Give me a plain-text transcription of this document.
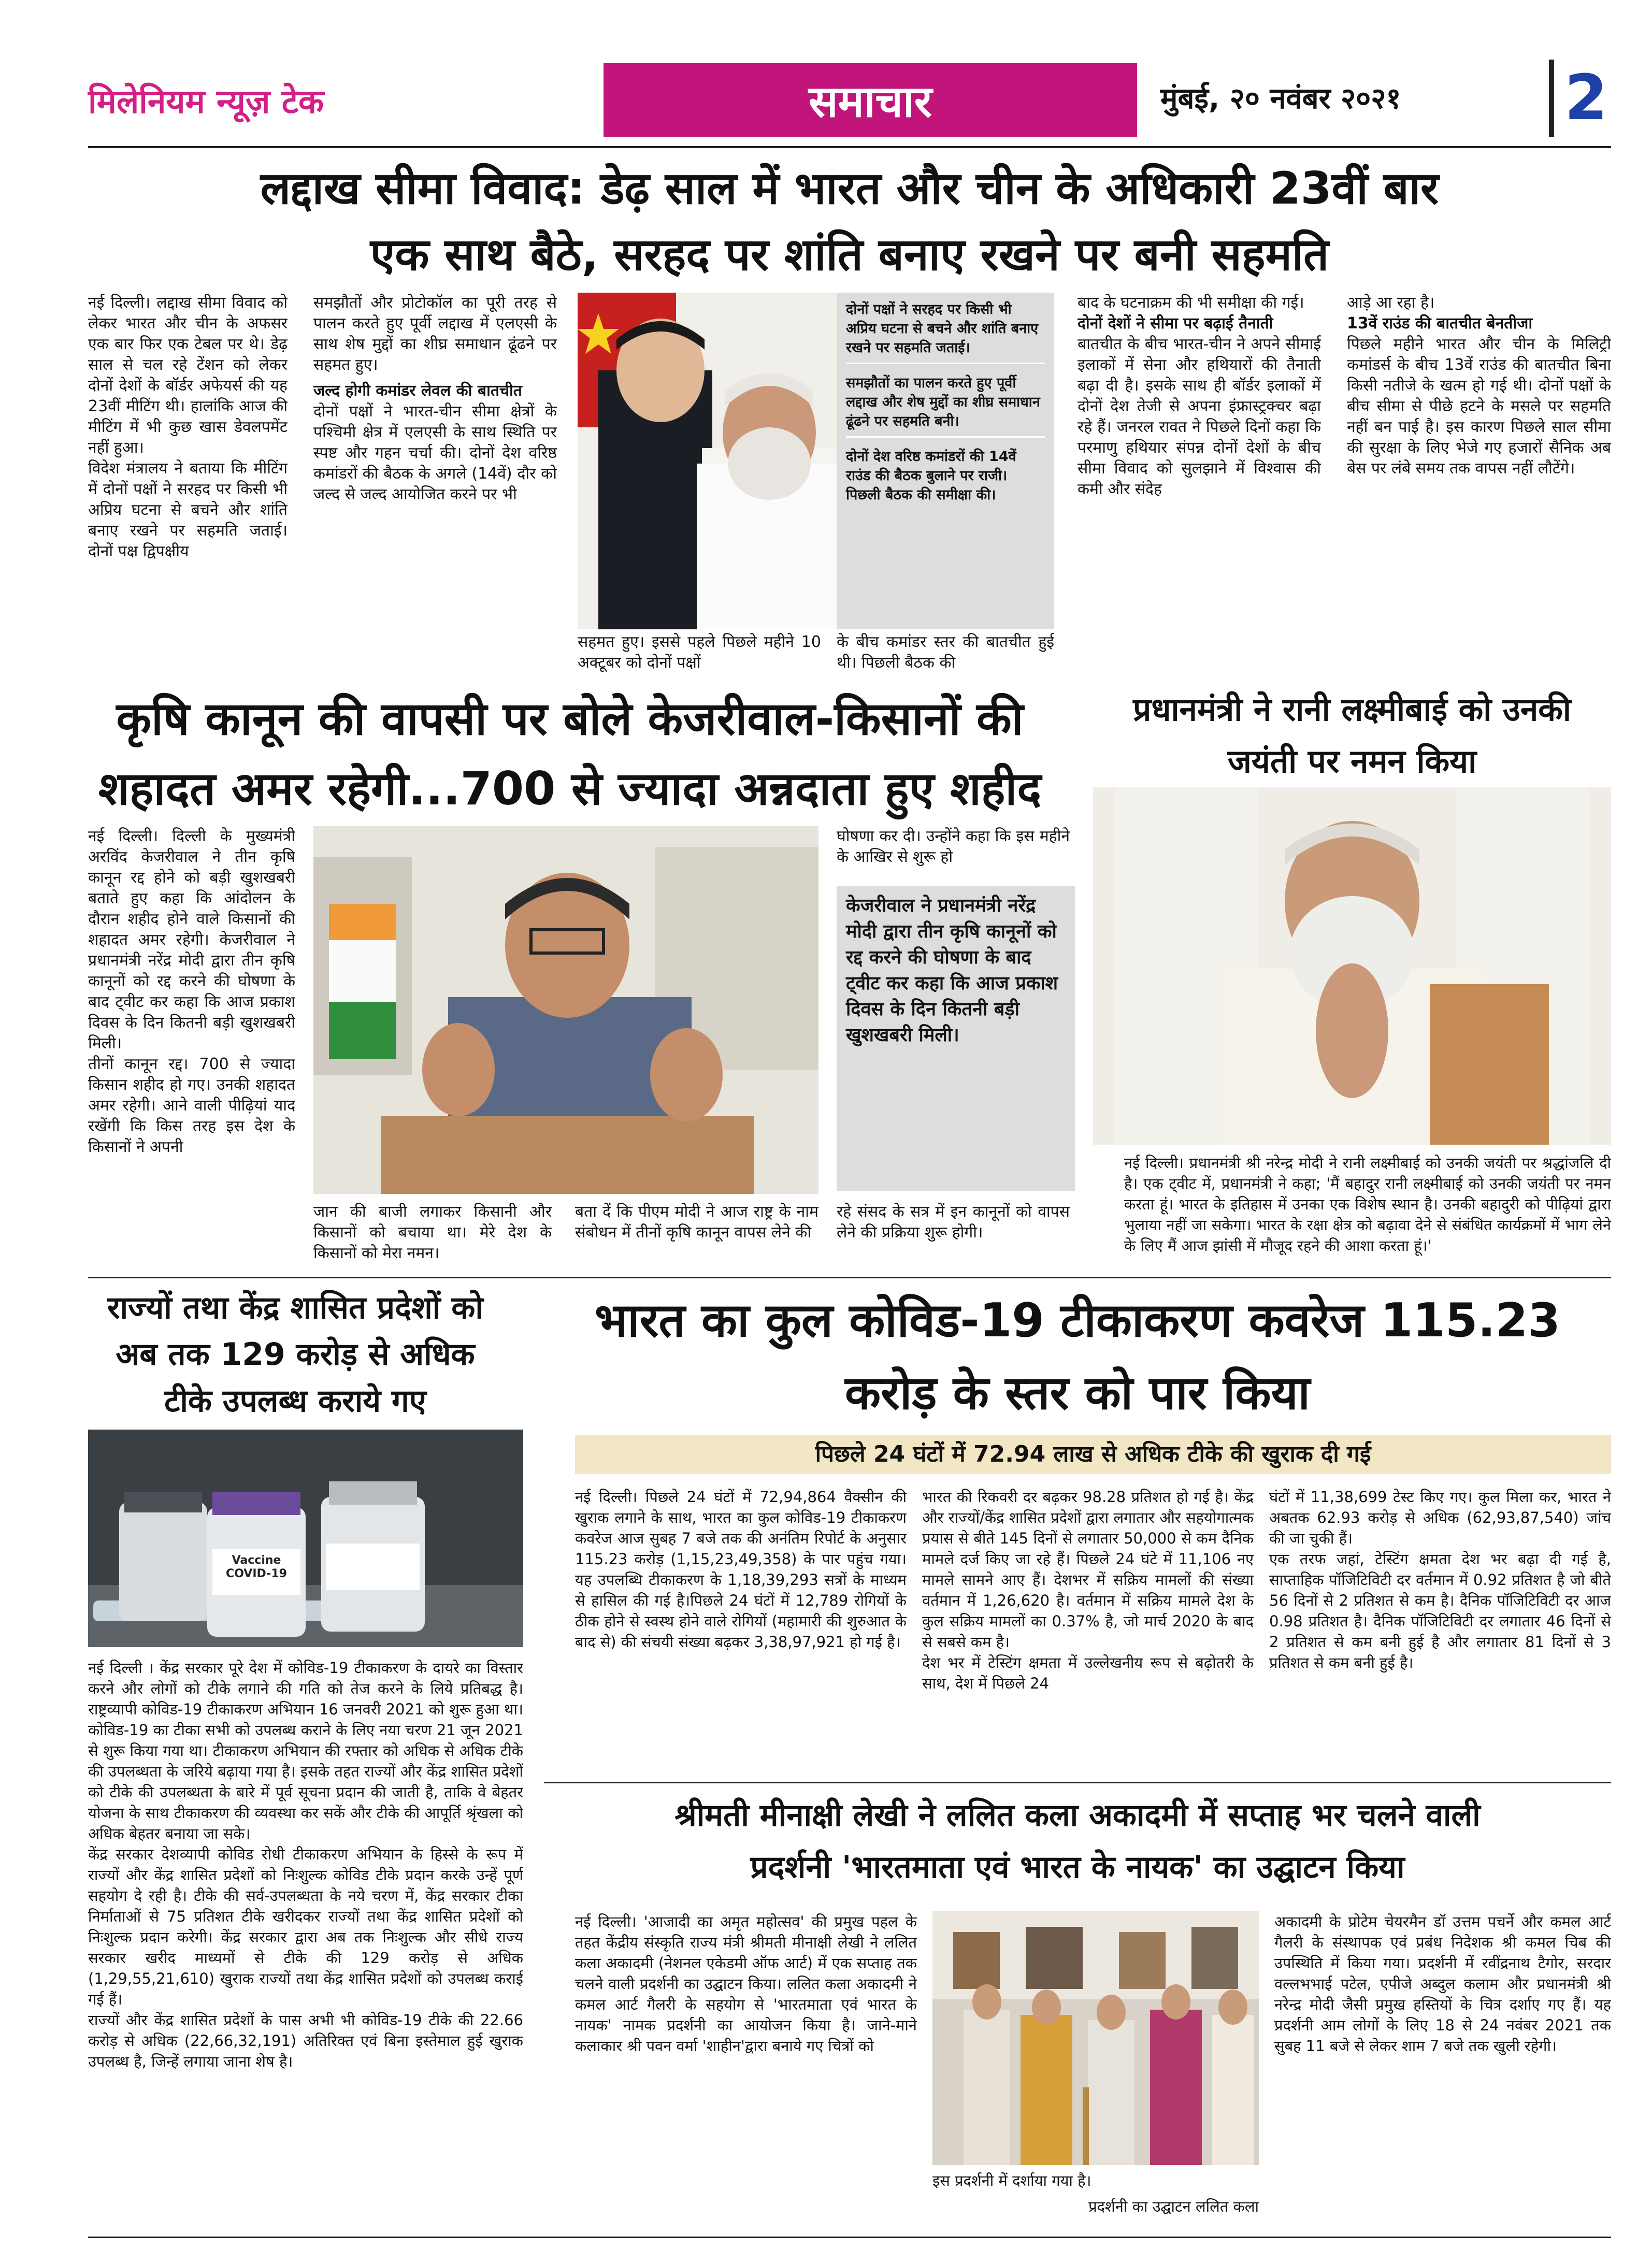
मिलेनियम न्यूज़ टेक	समाचार	मुंबई, २० नवंबर २०२१	2
लद्दाख सीमा विवाद: डेढ़ साल में भारत और चीन के अधिकारी 23वीं बार
एक साथ बैठे, सरहद पर शांति बनाए रखने पर बनी सहमति
नई दिल्ली। लद्दाख सीमा विवाद को लेकर भारत और चीन के अफसर एक बार फिर एक टेबल पर थे। डेढ़ साल से चल रहे टेंशन को लेकर दोनों देशों के बॉर्डर अफेयर्स की यह 23वीं मीटिंग थी। हालांकि आज की मीटिंग में भी कुछ खास डेवलपमेंट नहीं हुआ।
विदेश मंत्रालय ने बताया कि मीटिंग में दोनों पक्षों ने सरहद पर किसी भी अप्रिय घटना से बचने और शांति बनाए रखने पर सहमति जताई। दोनों पक्ष द्विपक्षीय

समझौतों और प्रोटोकॉल का पूरी तरह से पालन करते हुए पूर्वी लद्दाख में एलएसी के साथ शेष मुद्दों का शीघ्र समाधान ढूंढने पर सहमत हुए।

जल्द होगी कमांडर लेवल की बातचीत

दोनों पक्षों ने भारत-चीन सीमा क्षेत्रों के पश्चिमी क्षेत्र में एलएसी के साथ स्थिति पर स्पष्ट और गहन चर्चा की। दोनों देश वरिष्ठ कमांडरों की बैठक के अगले (14वें) दौर को जल्द से जल्द आयोजित करने पर भी

दोनों पक्षों ने सरहद पर किसी भी अप्रिय घटना से बचने और शांति बनाए रखने पर सहमति जताई।

समझौतों का पालन करते हुए पूर्वी लद्दाख और शेष मुद्दों का शीघ्र समाधान ढूंढने पर सहमति बनी।

दोनों देश वरिष्ठ कमांडरों की 14वें राउंड की बैठक बुलाने पर राजी। पिछली बैठक की समीक्षा की।

सहमत हुए। इससे पहले पिछले महीने 10 अक्टूबर को दोनों पक्षों
के बीच कमांडर स्तर की बातचीत हुई थी। पिछली बैठक की

बाद के घटनाक्रम की भी समीक्षा की गई।

दोनों देशों ने सीमा पर बढ़ाई तैनाती

बातचीत के बीच भारत-चीन ने अपने सीमाई इलाकों में सेना और हथियारों की तैनाती बढ़ा दी है। इसके साथ ही बॉर्डर इलाकों में दोनों देश तेजी से अपना इंफ्रास्ट्रक्चर बढ़ा रहे हैं। जनरल रावत ने पिछले दिनों कहा कि परमाणु हथियार संपन्न दोनों देशों के बीच सीमा विवाद को सुलझाने में विश्वास की कमी और संदेह

आड़े आ रहा है।

13वें राउंड की बातचीत बेनतीजा

पिछले महीने भारत और चीन के मिलिट्री कमांडर्स के बीच 13वें राउंड की बातचीत बिना किसी नतीजे के खत्म हो गई थी। दोनों पक्षों के बीच सीमा से पीछे हटने के मसले पर सहमति नहीं बन पाई है। इस कारण पिछले साल सीमा की सुरक्षा के लिए भेजे गए हजारों सैनिक अब बेस पर लंबे समय तक वापस नहीं लौटेंगे।

कृषि कानून की वापसी पर बोले केजरीवाल-किसानों की
शहादत अमर रहेगी...700 से ज्यादा अन्नदाता हुए शहीद
नई दिल्ली। दिल्ली के मुख्यमंत्री अरविंद केजरीवाल ने तीन कृषि कानून रद्द होने को बड़ी खुशखबरी बताते हुए कहा कि आंदोलन के दौरान शहीद होने वाले किसानों की शहादत अमर रहेगी। केजरीवाल ने प्रधानमंत्री नरेंद्र मोदी द्वारा तीन कृषि कानूनों को रद्द करने की घोषणा के बाद ट्वीट कर कहा कि आज प्रकाश दिवस के दिन कितनी बड़ी खुशखबरी मिली।
तीनों कानून रद्द। 700 से ज्यादा किसान शहीद हो गए। उनकी शहादत अमर रहेगी। आने वाली पीढ़ियां याद रखेंगी कि किस तरह इस देश के किसानों ने अपनी
जान की बाजी लगाकर किसानी और किसानों को बचाया था। मेरे देश के किसानों को मेरा नमन।
बता दें कि पीएम मोदी ने आज राष्ट्र के नाम संबोधन में तीनों कृषि कानून वापस लेने की
घोषणा कर दी। उन्होंने कहा कि इस महीने के आखिर से शुरू हो
केजरीवाल ने प्रधानमंत्री नरेंद्र मोदी द्वारा तीन कृषि कानूनों को रद्द करने की घोषणा के बाद ट्वीट कर कहा कि आज प्रकाश दिवस के दिन कितनी बड़ी खुशखबरी मिली।
रहे संसद के सत्र में इन कानूनों को वापस लेने की प्रक्रिया शुरू होगी।
प्रधानमंत्री ने रानी लक्ष्मीबाई को उनकी जयंती पर नमन किया
नई दिल्ली। प्रधानमंत्री श्री नरेन्द्र मोदी ने रानी लक्ष्मीबाई को उनकी जयंती पर श्रद्धांजलि दी है। एक ट्वीट में, प्रधानमंत्री ने कहा; 'मैं बहादुर रानी लक्ष्मीबाई को उनकी जयंती पर नमन करता हूं। भारत के इतिहास में उनका एक विशेष स्थान है। उनकी बहादुरी को पीढ़ियां द्वारा भुलाया नहीं जा सकेगा। भारत के रक्षा क्षेत्र को बढ़ावा देने से संबंधित कार्यक्रमों में भाग लेने के लिए मैं आज झांसी में मौजूद रहने की आशा करता हूं।'
राज्यों तथा केंद्र शासित प्रदेशों को अब तक 129 करोड़ से अधिक टीके उपलब्ध कराये गए
Vaccine COVID-19

नई दिल्ली । केंद्र सरकार पूरे देश में कोविड-19 टीकाकरण के दायरे का विस्तार करने और लोगों को टीके लगाने की गति को तेज करने के लिये प्रतिबद्ध है। राष्ट्रव्यापी कोविड-19 टीकाकरण अभियान 16 जनवरी 2021 को शुरू हुआ था। कोविड-19 का टीका सभी को उपलब्ध कराने के लिए नया चरण 21 जून 2021 से शुरू किया गया था। टीकाकरण अभियान की रफ्तार को अधिक से अधिक टीके की उपलब्धता के जरिये बढ़ाया गया है। इसके तहत राज्यों और केंद्र शासित प्रदेशों को टीके की उपलब्धता के बारे में पूर्व सूचना प्रदान की जाती है, ताकि वे बेहतर योजना के साथ टीकाकरण की व्यवस्था कर सकें और टीके की आपूर्ति श्रृंखला को अधिक बेहतर बनाया जा सके।

केंद्र सरकार देशव्यापी कोविड रोधी टीकाकरण अभियान के हिस्से के रूप में राज्यों और केंद्र शासित प्रदेशों को निःशुल्क कोविड टीके प्रदान करके उन्हें पूर्ण सहयोग दे रही है। टीके की सर्व-उपलब्धता के नये चरण में, केंद्र सरकार टीका निर्माताओं से 75 प्रतिशत टीके खरीदकर राज्यों तथा केंद्र शासित प्रदेशों को निःशुल्क प्रदान करेगी। केंद्र सरकार द्वारा अब तक निःशुल्क और सीधे राज्य सरकार खरीद माध्यमों से टीके की 129 करोड़ से अधिक (1,29,55,21,610) खुराक राज्यों तथा केंद्र शासित प्रदेशों को उपलब्ध कराई गई हैं।

राज्यों और केंद्र शासित प्रदेशों के पास अभी भी कोविड-19 टीके की 22.66 करोड़ से अधिक (22,66,32,191) अतिरिक्त एवं बिना इस्तेमाल हुई खुराक उपलब्ध है, जिन्हें लगाया जाना शेष है।

भारत का कुल कोविड-19 टीकाकरण कवरेज 115.23
करोड़ के स्तर को पार किया
पिछले 24 घंटों में 72.94 लाख से अधिक टीके की खुराक दी गई
नई दिल्ली। पिछले 24 घंटों में 72,94,864 वैक्सीन की खुराक लगाने के साथ, भारत का कुल कोविड-19 टीकाकरण कवरेज आज सुबह 7 बजे तक की अनंतिम रिपोर्ट के अनुसार 115.23 करोड़ (1,15,23,49,358) के पार पहुंच गया। यह उपलब्धि टीकाकरण के 1,18,39,293 सत्रों के माध्यम से हासिल की गई है।पिछले 24 घंटों में 12,789 रोगियों के ठीक होने से स्वस्थ होने वाले रोगियों (महामारी की शुरुआत के बाद से) की संचयी संख्या बढ़कर 3,38,97,921 हो गई है।
भारत की रिकवरी दर बढ़कर 98.28 प्रतिशत हो गई है। केंद्र और राज्यों/केंद्र शासित प्रदेशों द्वारा लगातार और सहयोगात्मक प्रयास से बीते 145 दिनों से लगातार 50,000 से कम दैनिक मामले दर्ज किए जा रहे हैं। पिछले 24 घंटे में 11,106 नए मामले सामने आए हैं। देशभर में सक्रिय मामलों की संख्या वर्तमान में 1,26,620 है। वर्तमान में सक्रिय मामले देश के कुल सक्रिय मामलों का 0.37% है, जो मार्च 2020 के बाद से सबसे कम है।
देश भर में टेस्टिंग क्षमता में उल्लेखनीय रूप से बढ़ोतरी के साथ, देश में पिछले 24
घंटों में 11,38,699 टेस्ट किए गए। कुल मिला कर, भारत ने अबतक 62.93 करोड़ से अधिक (62,93,87,540) जांच की जा चुकी हैं।
एक तरफ जहां, टेस्टिंग क्षमता देश भर बढ़ा दी गई है, साप्ताहिक पॉजिटिविटी दर वर्तमान में 0.92 प्रतिशत है जो बीते 56 दिनों से 2 प्रतिशत से कम है। दैनिक पॉजिटिविटी दर आज 0.98 प्रतिशत है। दैनिक पॉजिटिविटी दर लगातार 46 दिनों से 2 प्रतिशत से कम बनी हुई है और लगातार 81 दिनों से 3 प्रतिशत से कम बनी हुई है।
श्रीमती मीनाक्षी लेखी ने ललित कला अकादमी में सप्ताह भर चलने वाली
प्रदर्शनी 'भारतमाता एवं भारत के नायक' का उद्घाटन किया
नई दिल्ली। 'आजादी का अमृत महोत्सव' की प्रमुख पहल के तहत केंद्रीय संस्कृति राज्य मंत्री श्रीमती मीनाक्षी लेखी ने ललित कला अकादमी (नेशनल एकेडमी ऑफ आर्ट) में एक सप्ताह तक चलने वाली प्रदर्शनी का उद्घाटन किया। ललित कला अकादमी ने कमल आर्ट गैलरी के सहयोग से 'भारतमाता एवं भारत के नायक' नामक प्रदर्शनी का आयोजन किया है। जाने-माने कलाकार श्री पवन वर्मा 'शाहीन'द्वारा बनाये गए चित्रों को
इस प्रदर्शनी में दर्शाया गया है।
प्रदर्शनी का उद्घाटन ललित कला
अकादमी के प्रोटेम चेयरमैन डॉ उत्तम पचर्ने और कमल आर्ट गैलरी के संस्थापक एवं प्रबंध निदेशक श्री कमल चिब की उपस्थिति में किया गया। प्रदर्शनी में रवींद्रनाथ टैगोर, सरदार वल्लभभाई पटेल, एपीजे अब्दुल कलाम और प्रधानमंत्री श्री नरेन्द्र मोदी जैसी प्रमुख हस्तियों के चित्र दर्शाए गए हैं। यह प्रदर्शनी आम लोगों के लिए 18 से 24 नवंबर 2021 तक सुबह 11 बजे से लेकर शाम 7 बजे तक खुली रहेगी।
